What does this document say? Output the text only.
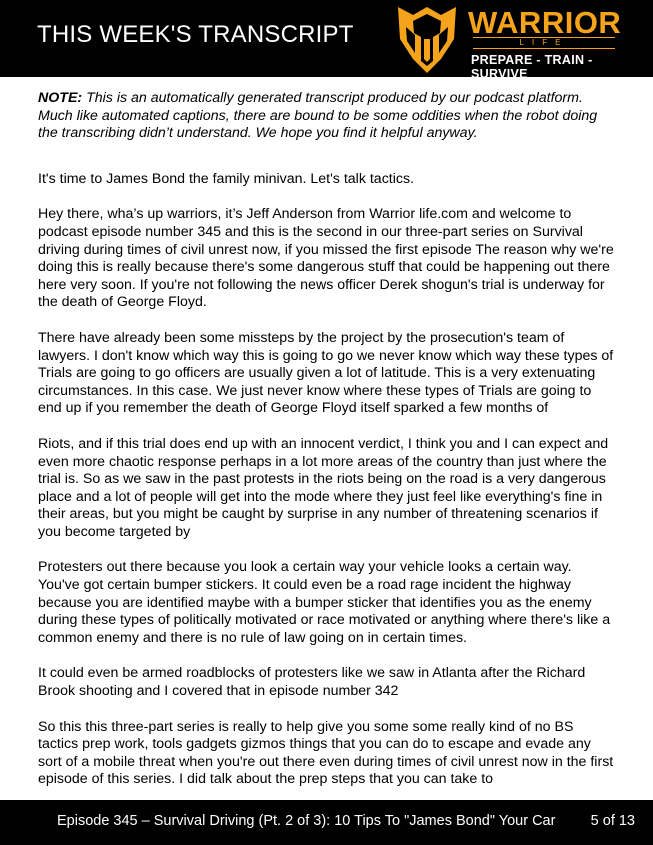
THIS WEEK'S TRANSCRIPT	WARRIOR
LIFE
PREPARE - TRAIN - SURVIVE

NOTE: This is an automatically generated transcript produced by our podcast platform. Much like automated captions, there are bound to be some oddities when the robot doing the transcribing didn’t understand. We hope you find it helpful anyway.

It's time to James Bond the family minivan. Let's talk tactics.

Hey there, wha’s up warriors, it’s Jeff Anderson from Warrior life.com and welcome to podcast episode number 345 and this is the second in our three-part series on Survival driving during times of civil unrest now, if you missed the first episode The reason why we're doing this is really because there's some dangerous stuff that could be happening out there here very soon. If you're not following the news officer Derek shogun's trial is underway for the death of George Floyd.

There have already been some missteps by the project by the prosecution's team of lawyers. I don't know which way this is going to go we never know which way these types of Trials are going to go officers are usually given a lot of latitude. This is a very extenuating circumstances. In this case. We just never know where these types of Trials are going to end up if you remember the death of George Floyd itself sparked a few months of

Riots, and if this trial does end up with an innocent verdict, I think you and I can expect and even more chaotic response perhaps in a lot more areas of the country than just where the trial is. So as we saw in the past protests in the riots being on the road is a very dangerous place and a lot of people will get into the mode where they just feel like everything's fine in their areas, but you might be caught by surprise in any number of threatening scenarios if you become targeted by

Protesters out there because you look a certain way your vehicle looks a certain way. You've got certain bumper stickers. It could even be a road rage incident the highway because you are identified maybe with a bumper sticker that identifies you as the enemy during these types of politically motivated or race motivated or anything where there's like a common enemy and there is no rule of law going on in certain times.

It could even be armed roadblocks of protesters like we saw in Atlanta after the Richard Brook shooting and I covered that in episode number 342

So this this three-part series is really to help give you some some really kind of no BS tactics prep work, tools gadgets gizmos things that you can do to escape and evade any sort of a mobile threat when you're out there even during times of civil unrest now in the first episode of this series. I did talk about the prep steps that you can take to

Episode 345 – Survival Driving (Pt. 2 of 3): 10 Tips To "James Bond" Your Car 5 of 13
